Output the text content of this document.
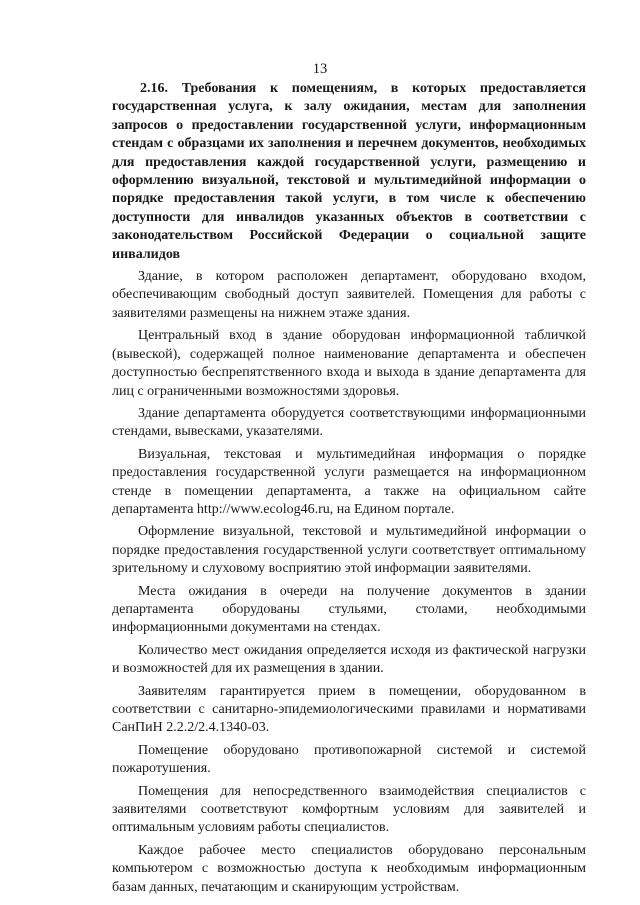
13

2.16. Требования к помещениям, в которых предоставляется государственная услуга, к залу ожидания, местам для заполнения запросов о предоставлении государственной услуги, информационным стендам с образцами их заполнения и перечнем документов, необходимых для предоставления каждой государственной услуги, размещению и оформлению визуальной, текстовой и мультимедийной информации о порядке предоставления такой услуги, в том числе к обеспечению доступности для инвалидов указанных объектов в соответствии с законодательством Российской Федерации о социальной защите инвалидов

Здание, в котором расположен департамент, оборудовано входом, обеспечивающим свободный доступ заявителей. Помещения для работы с заявителями размещены на нижнем этаже здания.

Центральный вход в здание оборудован информационной табличкой (вывеской), содержащей полное наименование департамента и обеспечен доступностью беспрепятственного входа и выхода в здание департамента для лиц с ограниченными возможностями здоровья.

Здание департамента оборудуется соответствующими информационными стендами, вывесками, указателями.

Визуальная, текстовая и мультимедийная информация о порядке предоставления государственной услуги размещается на информационном стенде в помещении департамента, а также на официальном сайте департамента http://www.ecolog46.ru, на Едином портале.

Оформление визуальной, текстовой и мультимедийной информации о порядке предоставления государственной услуги соответствует оптимальному зрительному и слуховому восприятию этой информации заявителями.

Места ожидания в очереди на получение документов в здании департамента оборудованы стульями, столами, необходимыми информационными документами на стендах.

Количество мест ожидания определяется исходя из фактической нагрузки и возможностей для их размещения в здании.

Заявителям гарантируется прием в помещении, оборудованном в соответствии с санитарно-эпидемиологическими правилами и нормативами СанПиН 2.2.2/2.4.1340-03.

Помещение оборудовано противопожарной системой и системой пожаротушения.

Помещения для непосредственного взаимодействия специалистов с заявителями соответствуют комфортным условиям для заявителей и оптимальным условиям работы специалистов.

Каждое рабочее место специалистов оборудовано персональным компьютером с возможностью доступа к необходимым информационным базам данных, печатающим и сканирующим устройствам.
